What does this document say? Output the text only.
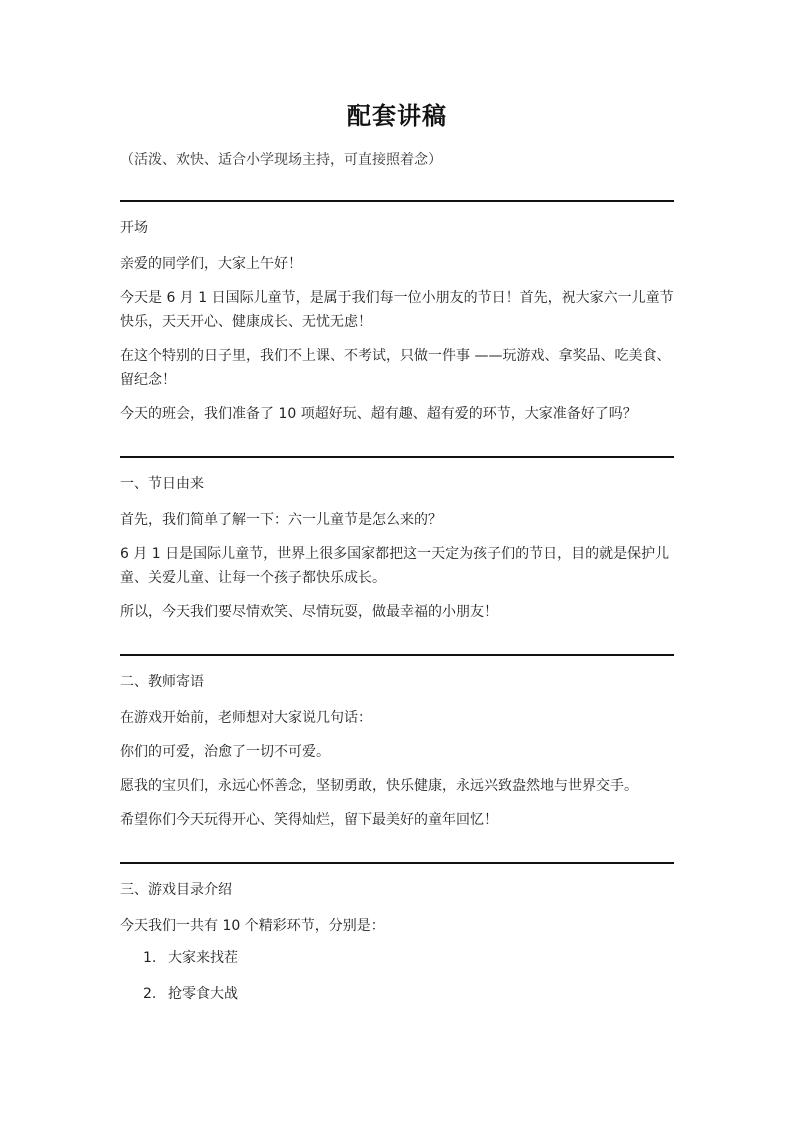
配套讲稿
（活泼、欢快、适合小学现场主持，可直接照着念）
开场

亲爱的同学们，大家上午好！

今天是 6 月 1 日国际儿童节，是属于我们每一位小朋友的节日！首先，祝大家六一儿童节快乐，天天开心、健康成长、无忧无虑！

在这个特别的日子里，我们不上课、不考试，只做一件事 ——玩游戏、拿奖品、吃美食、留纪念！

今天的班会，我们准备了 10 项超好玩、超有趣、超有爱的环节，大家准备好了吗？

一、节日由来

首先，我们简单了解一下：六一儿童节是怎么来的？

6 月 1 日是国际儿童节，世界上很多国家都把这一天定为孩子们的节日，目的就是保护儿童、关爱儿童、让每一个孩子都快乐成长。

所以，今天我们要尽情欢笑、尽情玩耍，做最幸福的小朋友！

二、教师寄语

在游戏开始前，老师想对大家说几句话：

你们的可爱，治愈了一切不可爱。

愿我的宝贝们，永远心怀善念，坚韧勇敢，快乐健康，永远兴致盎然地与世界交手。

希望你们今天玩得开心、笑得灿烂，留下最美好的童年回忆！

三、游戏目录介绍

今天我们一共有 10 个精彩环节，分别是：

1. 大家来找茬
2. 抢零食大战
